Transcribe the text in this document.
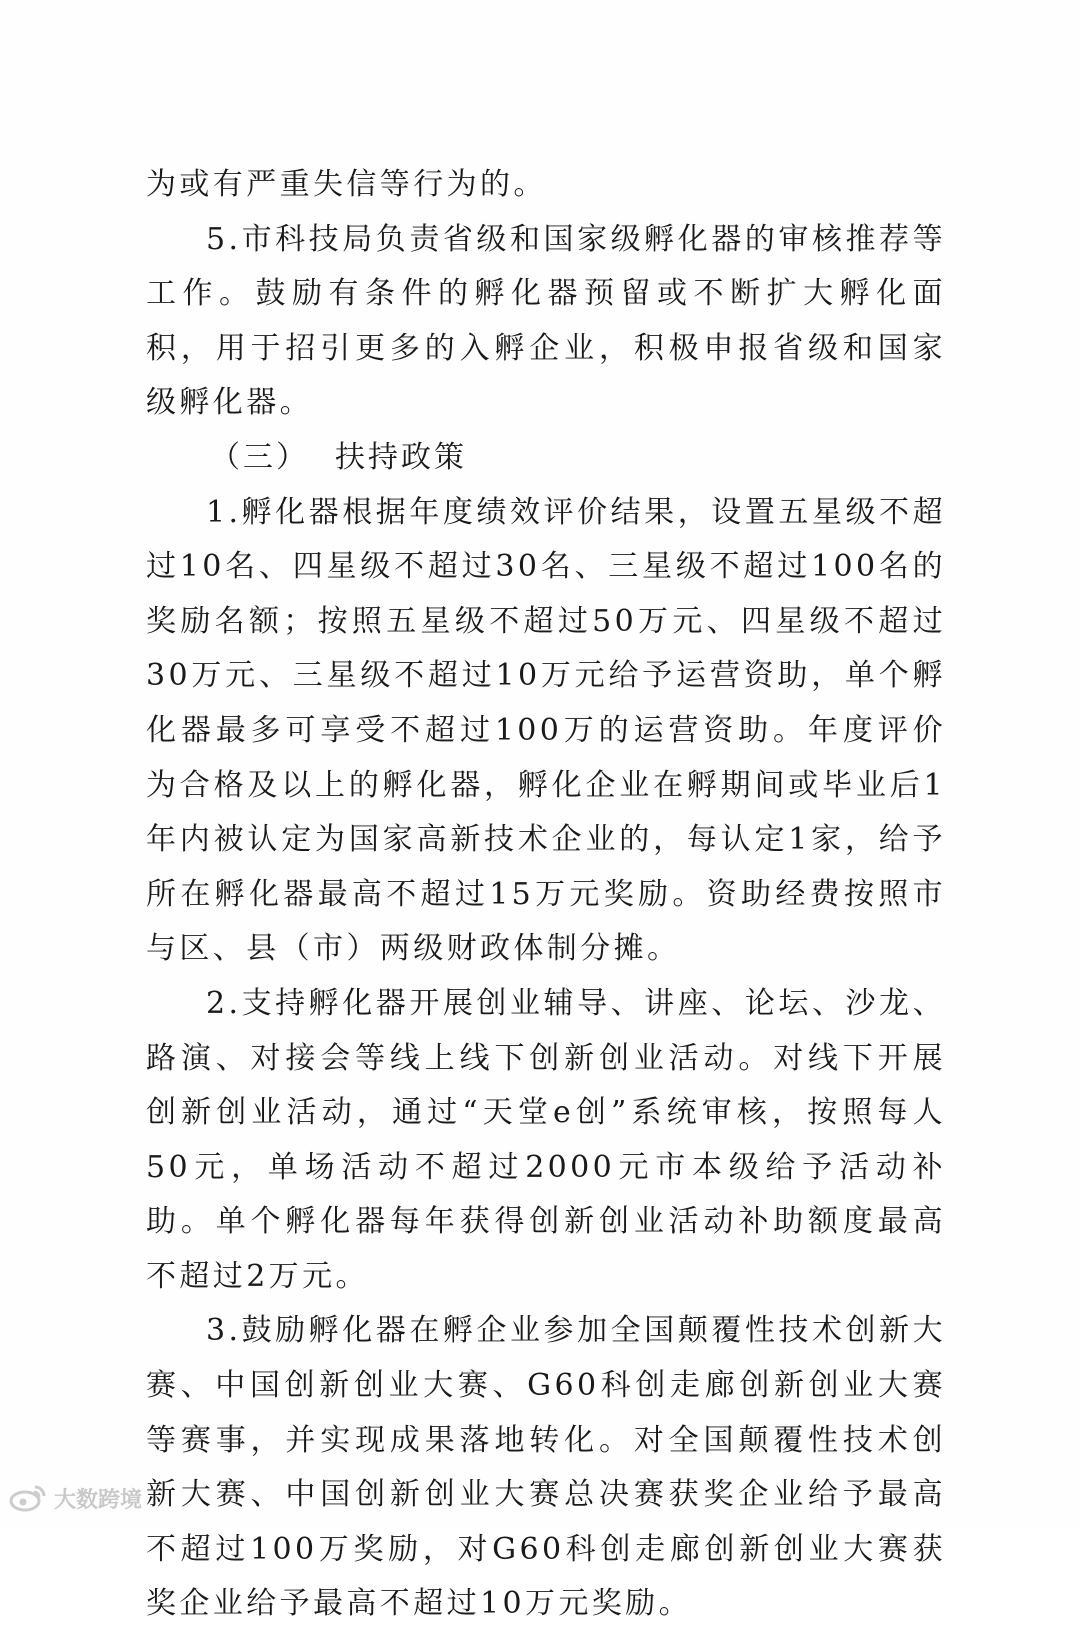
为或有严重失信等行为的。

5.市科技局负责省级和国家级孵化器的审核推荐等工作。鼓励有条件的孵化器预留或不断扩大孵化面积，用于招引更多的入孵企业，积极申报省级和国家级孵化器。

（三） 扶持政策

1.孵化器根据年度绩效评价结果，设置五星级不超过10名、四星级不超过30名、三星级不超过100名的奖励名额；按照五星级不超过50万元、四星级不超过30万元、三星级不超过10万元给予运营资助，单个孵化器最多可享受不超过100万的运营资助。年度评价为合格及以上的孵化器，孵化企业在孵期间或毕业后1年内被认定为国家高新技术企业的，每认定1家，给予所在孵化器最高不超过15万元奖励。资助经费按照市与区、县（市）两级财政体制分摊。

2.支持孵化器开展创业辅导、讲座、论坛、沙龙、路演、对接会等线上线下创新创业活动。对线下开展创新创业活动，通过“天堂e创”系统审核，按照每人50元，单场活动不超过2000元市本级给予活动补助。单个孵化器每年获得创新创业活动补助额度最高不超过2万元。

3.鼓励孵化器在孵企业参加全国颠覆性技术创新大赛、中国创新创业大赛、G60科创走廊创新创业大赛等赛事，并实现成果落地转化。对全国颠覆性技术创新大赛、中国创新创业大赛总决赛获奖企业给予最高不超过100万奖励，对G60科创走廊创新创业大赛获奖企业给予最高不超过10万元奖励。

大数跨境
